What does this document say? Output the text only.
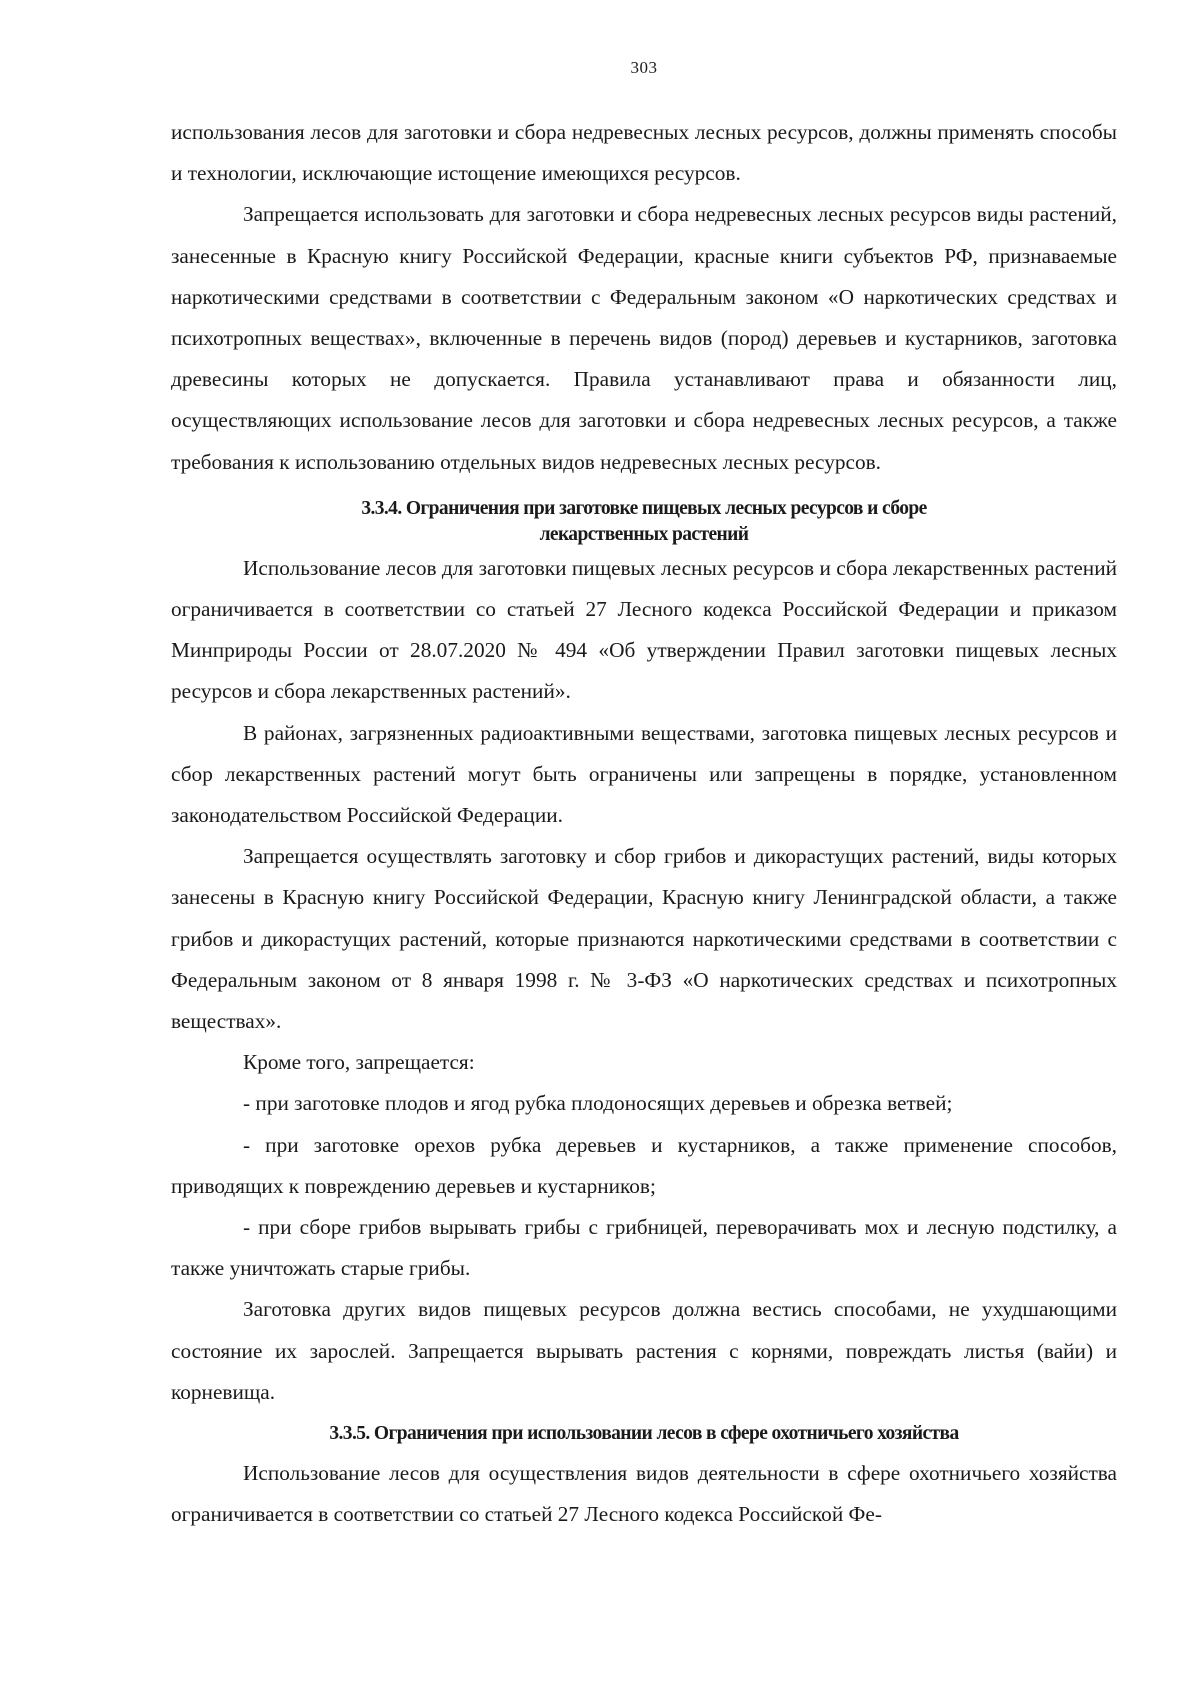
303

использования лесов для заготовки и сбора недревесных лесных ресурсов, должны применять способы и технологии, исключающие истощение имеющихся ресурсов.

Запрещается использовать для заготовки и сбора недревесных лесных ресурсов виды растений, занесенные в Красную книгу Российской Федерации, красные книги субъектов РФ, признаваемые наркотическими средствами в соответствии с Федеральным законом «О наркотических средствах и психотропных веществах», включенные в перечень видов (пород) деревьев и кустарников, заготовка древесины которых не допускается. Правила устанавливают права и обязанности лиц, осуществляющих использование лесов для заготовки и сбора недревесных лесных ресурсов, а также требования к использованию отдельных видов недревесных лесных ресурсов.

3.3.4. Ограничения при заготовке пищевых лесных ресурсов и сборе
лекарственных растений

Использование лесов для заготовки пищевых лесных ресурсов и сбора лекарственных растений ограничивается в соответствии со статьей 27 Лесного кодекса Российской Федерации и приказом Минприроды России от 28.07.2020 № 494 «Об утверждении Правил заготовки пищевых лесных ресурсов и сбора лекарственных растений».

В районах, загрязненных радиоактивными веществами, заготовка пищевых лесных ресурсов и сбор лекарственных растений могут быть ограничены или запрещены в порядке, установленном законодательством Российской Федерации.

Запрещается осуществлять заготовку и сбор грибов и дикорастущих растений, виды которых занесены в Красную книгу Российской Федерации, Красную книгу Ленинградской области, а также грибов и дикорастущих растений, которые признаются наркотическими средствами в соответствии с Федеральным законом от 8 января 1998 г. № 3-ФЗ «О наркотических средствах и психотропных веществах».

Кроме того, запрещается:

- при заготовке плодов и ягод рубка плодоносящих деревьев и обрезка ветвей;

- при заготовке орехов рубка деревьев и кустарников, а также применение способов, приводящих к повреждению деревьев и кустарников;

- при сборе грибов вырывать грибы с грибницей, переворачивать мох и лесную подстилку, а также уничтожать старые грибы.

Заготовка других видов пищевых ресурсов должна вестись способами, не ухудшающими состояние их зарослей. Запрещается вырывать растения с корнями, повреждать листья (вайи) и корневища.

3.3.5. Ограничения при использовании лесов в сфере охотничьего хозяйства

Использование лесов для осуществления видов деятельности в сфере охотничьего хозяйства ограничивается в соответствии со статьей 27 Лесного кодекса Российской Фе-
